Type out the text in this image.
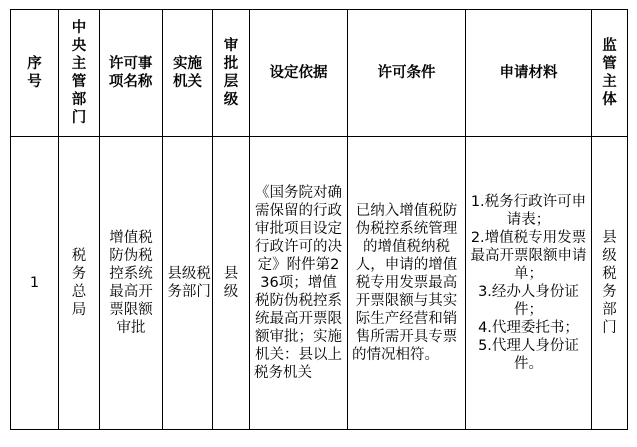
序号	中央主管部门	许可事项名称	实施机关	审批层级	设定依据	许可条件	申请材料	监管主体
1	税务总局	增值税防伪税控系统最高开票限额审批	县级税务部门	县级	《国务院对确需保留的行政审批项目设定行政许可的决定》附件第236项；增值税防伪税控系统最高开票限额审批；实施机关：县以上税务机关	已纳入增值税防伪税控系统管理的增值税纳税人，申请的增值税专用发票最高开票限额与其实际生产经营和销售所需开具专票的情况相符。	1.税务行政许可申请表；
2.增值税专用发票最高开票限额申请单；
3.经办人身份证件；
4.代理委托书；
5.代理人身份证件。	县级税务部门
